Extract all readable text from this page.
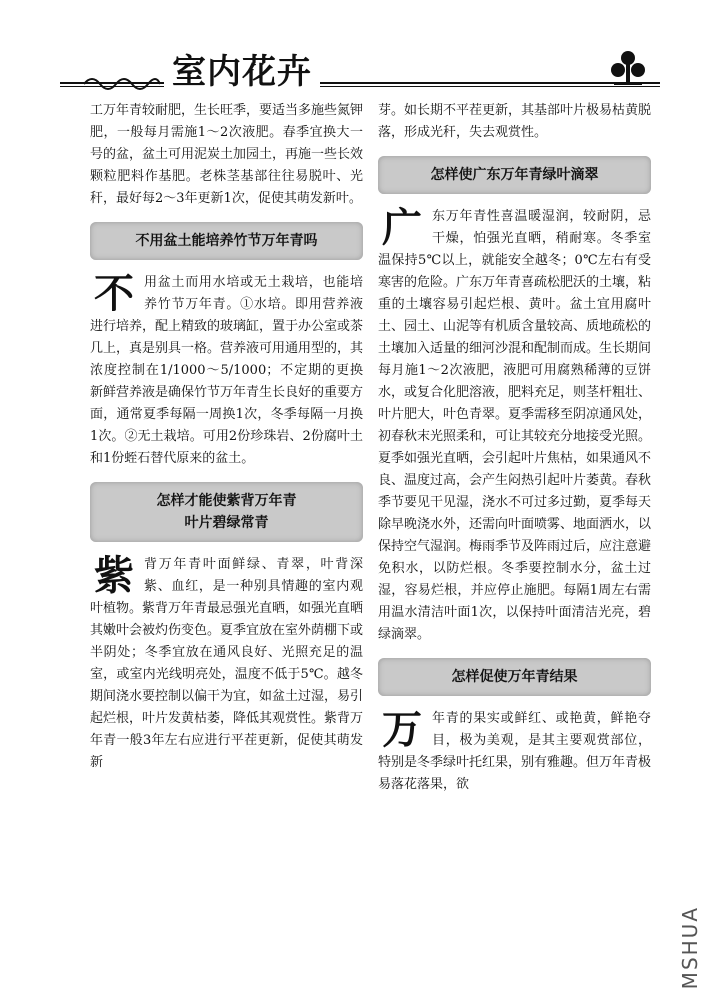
室内花卉

工万年青较耐肥，生长旺季，要适当多施些氮钾肥，一般每月需施1～2次液肥。春季宜换大一号的盆，盆土可用泥炭土加园土，再施一些长效颗粒肥料作基肥。老株茎基部往往易脱叶、光秆，最好每2～3年更新1次，促使其萌发新叶。

不用盆土能培养竹节万年青吗
不 用盆土而用水培或无土栽培，也能培养竹节万年青。①水培。即用营养液进行培养，配上精致的玻璃缸，置于办公室或茶几上，真是别具一格。营养液可用通用型的，其浓度控制在1/1000～5/1000；不定期的更换新鲜营养液是确保竹节万年青生长良好的重要方面，通常夏季每隔一周换1次，冬季每隔一月换1次。②无土栽培。可用2份珍珠岩、2份腐叶土和1份蛭石替代原来的盆土。
怎样才能使紫背万年青
叶片碧绿常青
紫 背万年青叶面鲜绿、青翠，叶背深紫、血红，是一种别具情趣的室内观叶植物。紫背万年青最忌强光直晒，如强光直晒其嫩叶会被灼伤变色。夏季宜放在室外荫棚下或半阴处；冬季宜放在通风良好、光照充足的温室，或室内光线明亮处，温度不低于5℃。越冬期间浇水要控制以偏干为宜，如盆土过湿，易引起烂根，叶片发黄枯萎，降低其观赏性。紫背万年青一般3年左右应进行平茬更新，促使其萌发新

芽。如长期不平茬更新，其基部叶片极易枯黄脱落，形成光秆，失去观赏性。

怎样使广东万年青绿叶滴翠
广 东万年青性喜温暖湿润，较耐阴，忌干燥，怕强光直晒，稍耐寒。冬季室温保持5℃以上，就能安全越冬；0℃左右有受寒害的危险。广东万年青喜疏松肥沃的土壤，粘重的土壤容易引起烂根、黄叶。盆土宜用腐叶土、园土、山泥等有机质含量较高、质地疏松的土壤加入适量的细河沙混和配制而成。生长期间每月施1～2次液肥，液肥可用腐熟稀薄的豆饼水，或复合化肥溶液，肥料充足，则茎杆粗壮、叶片肥大，叶色青翠。夏季需移至阴凉通风处，初春秋末光照柔和，可让其较充分地接受光照。夏季如强光直晒，会引起叶片焦枯，如果通风不良、温度过高，会产生闷热引起叶片萎黄。春秋季节要见干见湿，浇水不可过多过勤，夏季每天除早晚浇水外，还需向叶面喷雾、地面洒水，以保持空气湿润。梅雨季节及阵雨过后，应注意避免积水，以防烂根。冬季要控制水分，盆土过湿，容易烂根，并应停止施肥。每隔1周左右需用温水清洁叶面1次，以保持叶面清洁光亮，碧绿滴翠。
怎样促使万年青结果
万 年青的果实或鲜红、或艳黄，鲜艳夺目，极为美观，是其主要观赏部位，特别是冬季绿叶托红果，别有雅趣。但万年青极易落花落果，欲
MSHUA
